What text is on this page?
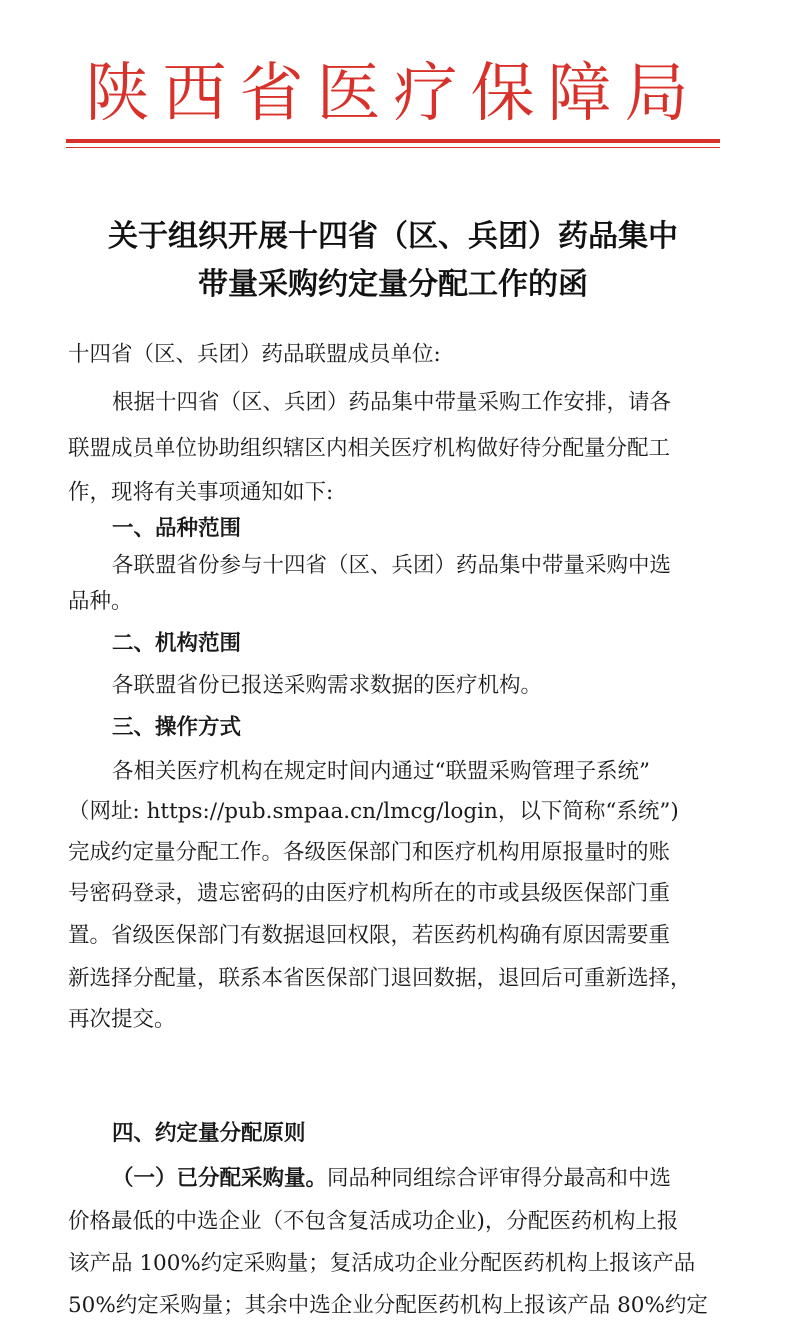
陕西省医疗保障局
关于组织开展十四省（区、兵团）药品集中
带量采购约定量分配工作的函

十四省（区、兵团）药品联盟成员单位:

根据十四省（区、兵团）药品集中带量采购工作安排，请各

联盟成员单位协助组织辖区内相关医疗机构做好待分配量分配工

作，现将有关事项通知如下:

一、品种范围

各联盟省份参与十四省（区、兵团）药品集中带量采购中选

品种。

二、机构范围

各联盟省份已报送采购需求数据的医疗机构。

三、操作方式

各相关医疗机构在规定时间内通过“联盟采购管理子系统”

（网址: https://pub.smpaa.cn/lmcg/login，以下简称“系统”)

完成约定量分配工作。各级医保部门和医疗机构用原报量时的账

号密码登录，遗忘密码的由医疗机构所在的市或县级医保部门重

置。省级医保部门有数据退回权限，若医药机构确有原因需要重

新选择分配量，联系本省医保部门退回数据，退回后可重新选择，

再次提交。

四、约定量分配原则

（一）已分配采购量。同品种同组综合评审得分最高和中选

价格最低的中选企业（不包含复活成功企业)，分配医药机构上报

该产品 100%约定采购量；复活成功企业分配医药机构上报该产品

50%约定采购量；其余中选企业分配医药机构上报该产品 80%约定
